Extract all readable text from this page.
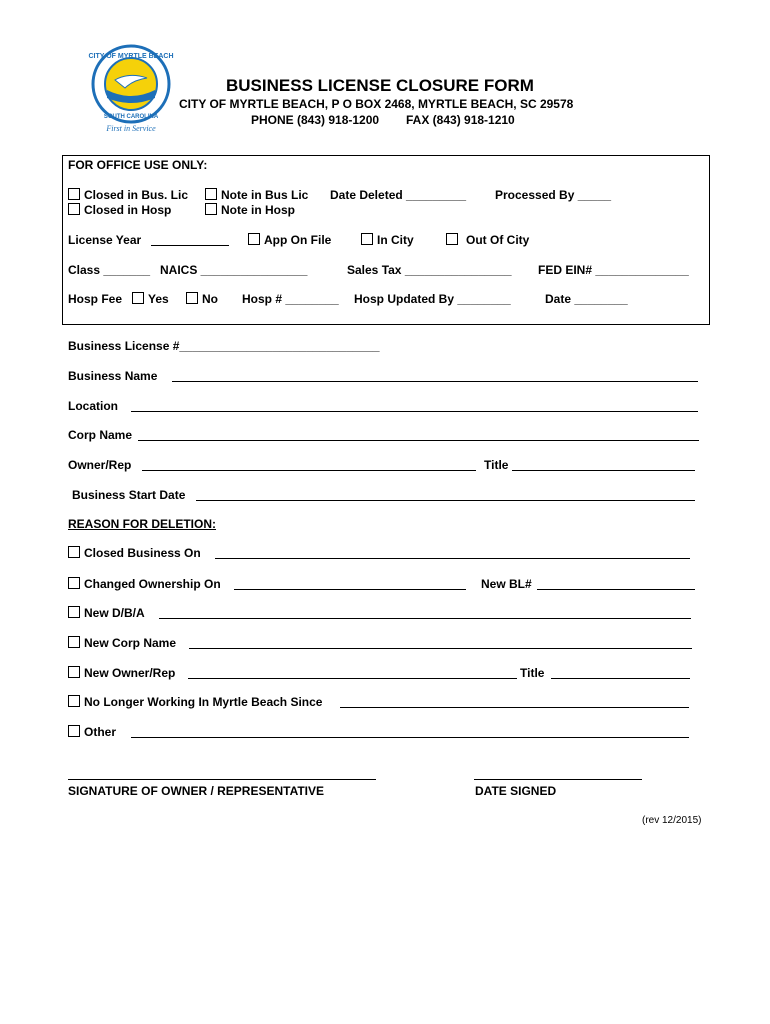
CITY OF MYRTLE BEACH
SOUTH CAROLINA
First in Service
BUSINESS LICENSE CLOSURE FORM
CITY OF MYRTLE BEACH, P O BOX 2468, MYRTLE BEACH, SC 29578
PHONE (843) 918-1200 FAX (843) 918-1210
FOR OFFICE USE ONLY:
Closed in Bus. Lic	Note in Bus Lic Date Deleted _________ Processed By _____
Closed in Hosp	Note in Hosp
License Year	App On File	In City	Out Of City
Class _______ NAICS ________________	Sales Tax ________________ FED EIN# ______________
Hosp Fee	Yes	No Hosp # ________ Hosp Updated By ________	Date ________
Business License #______________________________
Business Name
Location
Corp Name
Owner/Rep	Title
Business Start Date
REASON FOR DELETION:
Closed Business On
Changed Ownership On	New BL#
New D/B/A
New Corp Name
New Owner/Rep	Title
No Longer Working In Myrtle Beach Since
Other
SIGNATURE OF OWNER / REPRESENTATIVE	DATE SIGNED
(rev 12/2015)
